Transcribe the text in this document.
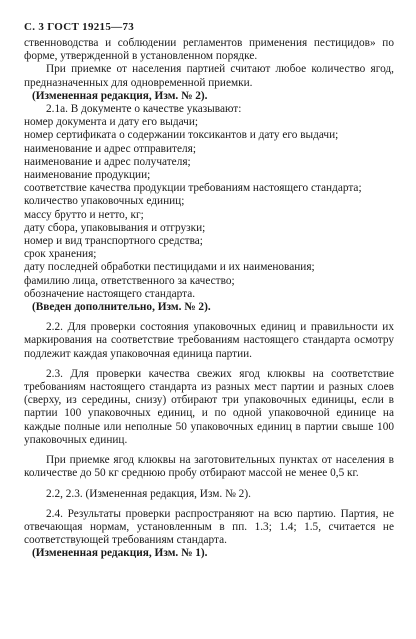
С. 3 ГОСТ 19215—73

ственноводства и соблюдении регламентов применения пестицидов» по форме, утвержденной в установленном порядке.

При приемке от населения партией считают любое количество ягод, предназначенных для одновременной приемки.

(Измененная редакция, Изм. № 2).

2.1а. В документе о качестве указывают:

номер документа и дату его выдачи;

номер сертификата о содержании токсикантов и дату его выдачи;

наименование и адрес отправителя;

наименование и адрес получателя;

наименование продукции;

соответствие качества продукции требованиям настоящего стандарта;

количество упаковочных единиц;

массу брутто и нетто, кг;

дату сбора, упаковывания и отгрузки;

номер и вид транспортного средства;

срок хранения;

дату последней обработки пестицидами и их наименования;

фамилию лица, ответственного за качество;

обозначение настоящего стандарта.

(Введен дополнительно, Изм. № 2).

2.2. Для проверки состояния упаковочных единиц и правильности их маркирования на соответствие требованиям настоящего стандарта осмотру подлежит каждая упаковочная единица партии.

2.3. Для проверки качества свежих ягод клюквы на соответствие требованиям настоящего стандарта из разных мест партии и разных слоев (сверху, из середины, снизу) отбирают три упаковочных единицы, если в партии 100 упаковочных единиц, и по одной упаковочной единице на каждые полные или неполные 50 упаковочных единиц в партии свыше 100 упаковочных единиц.

При приемке ягод клюквы на заготовительных пунктах от населения в количестве до 50 кг среднюю пробу отбирают массой не менее 0,5 кг.

2.2, 2.3. (Измененная редакция, Изм. № 2).

2.4. Результаты проверки распространяют на всю партию. Партия, не отвечающая нормам, установленным в пп. 1.3; 1.4; 1.5, считается не соответствующей требованиям стандарта.

(Измененная редакция, Изм. № 1).
